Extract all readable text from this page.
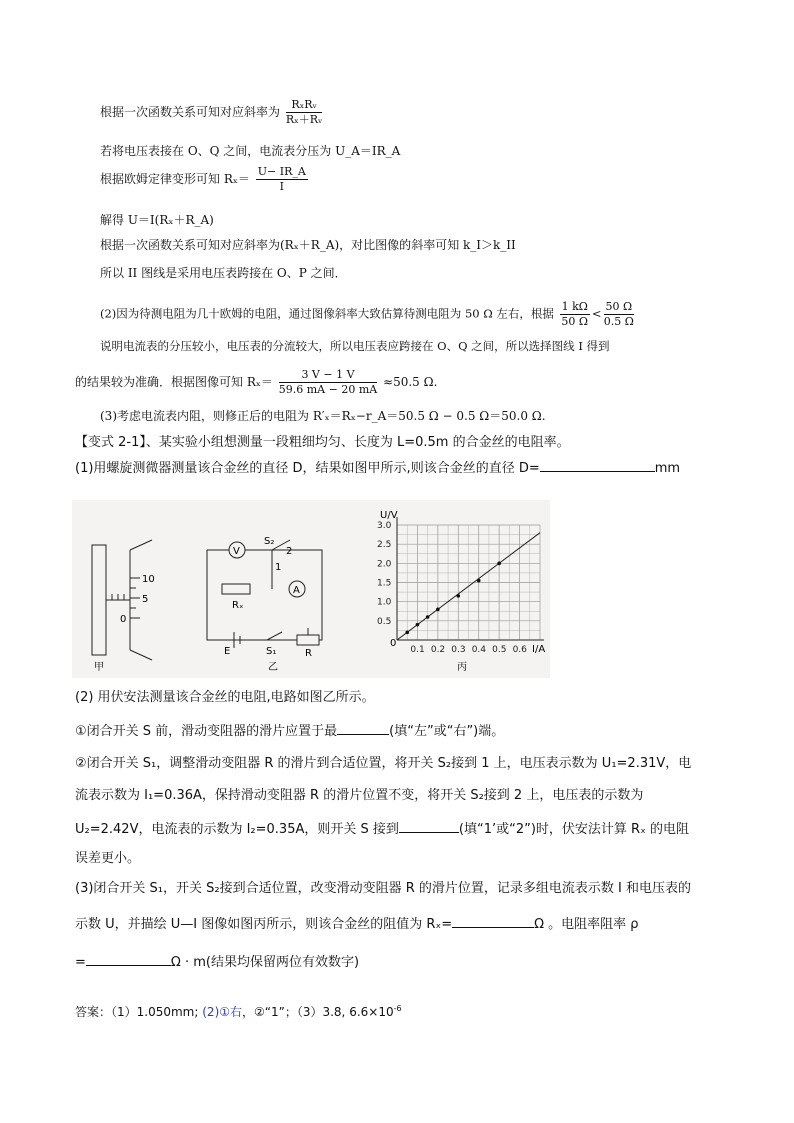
根据一次函数关系可知对应斜率为 $\frac{\text{RₓRᵥ}}{\text{Rₓ＋Rᵥ}}$
若将电压表接在 O、Q 之间，电流表分压为 U_A＝IR_A
根据欧姆定律变形可知 $R_x= \frac{U- IR\_A}{I}$
解得 U＝I(Rₓ＋R_A)
根据一次函数关系可知对应斜率为(Rₓ＋R_A)，对比图像的斜率可知 k_I＞k_II
所以 II 图线是采用电压表跨接在 O、P 之间．
(2)因为待测电阻为几十欧姆的电阻，通过图像斜率大致估算待测电阻为 50 Ω 左右，根据 $\frac{1 k\Omega}{50 \Omega} < \frac{50 \Omega}{0.5 \Omega}$
说明电流表的分压较小，电压表的分流较大，所以电压表应跨接在 O、Q 之间，所以选择图线 I 得到
的结果较为准确．根据图像可知 $R_x= \frac{3 V - 1 V}{59.6 mA - 20 mA} \approx 50.5$ Ω.
(3)考虑电流表内阻，则修正后的电阻为 R′ₓ＝Rₓ−r_A＝50.5 Ω − 0.5 Ω＝50.0 Ω.
【变式 2-1】、某实验小组想测量一段粗细均匀、长度为 L=0.5m 的合金丝的电阻率。
(1)用螺旋测微器测量该合金丝的直径 D，结果如图甲所示,则该合金丝的直径 D=	mm
10
5
0
甲
V
A
S₂
1
2
Rₓ
E	S₁	R
乙
0.1 0.2 0.3 0.4 0.5 0.6
0.5
1.0
1.5
2.0
2.5
3.0
U/V
I/A
0
丙
(2) 用伏安法测量该合金丝的电阻,电路如图乙所示。
①闭合开关 S 前，滑动变阻器的滑片应置于最	(填“左”或“右”)端。
②闭合开关 S₁，调整滑动变阻器 R 的滑片到合适位置，将开关 S₂接到 1 上，电压表示数为 U₁=2.31V，电
流表示数为 I₁=0.36A，保持滑动变阻器 R 的滑片位置不变，将开关 S₂接到 2 上，电压表的示数为
U₂=2.42V，电流表的示数为 I₂=0.35A，则开关 S 接到	(填“1’或“2”)时，伏安法计算 Rₓ 的电阻
误差更小。
(3)闭合开关 S₁，开关 S₂接到合适位置，改变滑动变阻器 R 的滑片位置，记录多组电流表示数 I 和电压表的
示数 U，并描绘 U—I 图像如图丙所示，则该合金丝的阻值为 Rₓ=	Ω 。电阻率阻率 ρ
=	Ω · m(结果均保留两位有效数字)
答案：（1）1.050mm; (2)①右，②“1”；（3）3.8, $6.6\times 10^{-6}$
